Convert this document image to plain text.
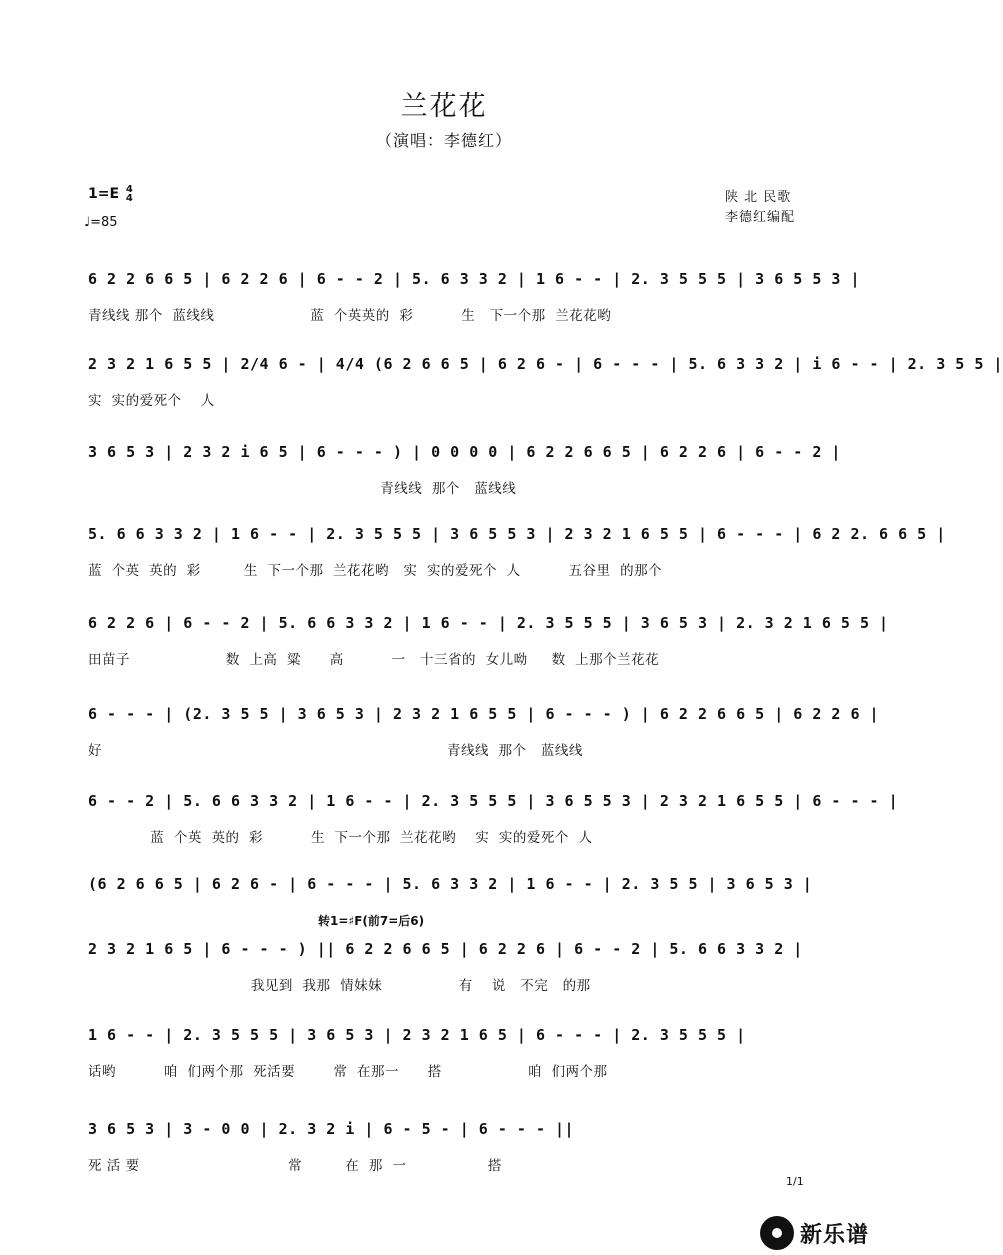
兰花花
（演唱：李德红）
1=E 4
4
♩=85
陕 北 民歌
李德红编配
6 2 2 6 6 5 | 6 2 2 6 | 6 - - 2 | 5. 6 3 3 2 | 1 6 - - | 2. 3 5 5 5 | 3 6 5 5 3 |
青线线 那个  蓝线线                    蓝  个英英的  彩          生   下一个那  兰花花哟
2 3 2 1 6 5 5 | 2/4 6 - | 4/4 (6 2 6 6 5 | 6 2 6 - | 6 - - - | 5. 6 3 3 2 | i 6 - - | 2. 3 5 5 |
实  实的爱死个    人
3 6 5 3 | 2 3 2 i 6 5 | 6 - - - ) | 0 0 0 0 | 6 2 2 6 6 5 | 6 2 2 6 | 6 - - 2 |
青线线  那个   蓝线线
5. 6 6 3 3 2 | 1 6 - - | 2. 3 5 5 5 | 3 6 5 5 3 | 2 3 2 1 6 5 5 | 6 - - - | 6 2 2. 6 6 5 |
蓝  个英  英的  彩         生  下一个那  兰花花哟   实  实的爱死个  人          五谷里  的那个
6 2 2 6 | 6 - - 2 | 5. 6 6 3 3 2 | 1 6 - - | 2. 3 5 5 5 | 3 6 5 3 | 2. 3 2 1 6 5 5 |
田苗子                    数  上高  粱      高          一   十三省的  女儿呦     数  上那个兰花花
6 - - - | (2. 3 5 5 | 3 6 5 3 | 2 3 2 1 6 5 5 | 6 - - - ) | 6 2 2 6 6 5 | 6 2 2 6 |
好                                                                        青线线  那个   蓝线线
6 - - 2 | 5. 6 6 3 3 2 | 1 6 - - | 2. 3 5 5 5 | 3 6 5 5 3 | 2 3 2 1 6 5 5 | 6 - - - |
蓝  个英  英的  彩          生  下一个那  兰花花哟    实  实的爱死个  人
(6 2 6 6 5 | 6 2 6 - | 6 - - - | 5. 6 3 3 2 | 1 6 - - | 2. 3 5 5 | 3 6 5 3 |
转1=♯F(前7=后6)
2 3 2 1 6 5 | 6 - - - ) || 6 2 2 6 6 5 | 6 2 2 6 | 6 - - 2 | 5. 6 6 3 3 2 |
我见到  我那  情妹妹                有    说   不完   的那
1 6 - - | 2. 3 5 5 5 | 3 6 5 3 | 2 3 2 1 6 5 | 6 - - - | 2. 3 5 5 5 |
话哟          咱  们两个那  死活要        常  在那一      搭                  咱  们两个那
3 6 5 3 | 3 - 0 0 | 2. 3 2 i | 6 - 5 - | 6 - - - ||
死 活 要                               常         在  那  一                 搭
1/1
新乐谱
